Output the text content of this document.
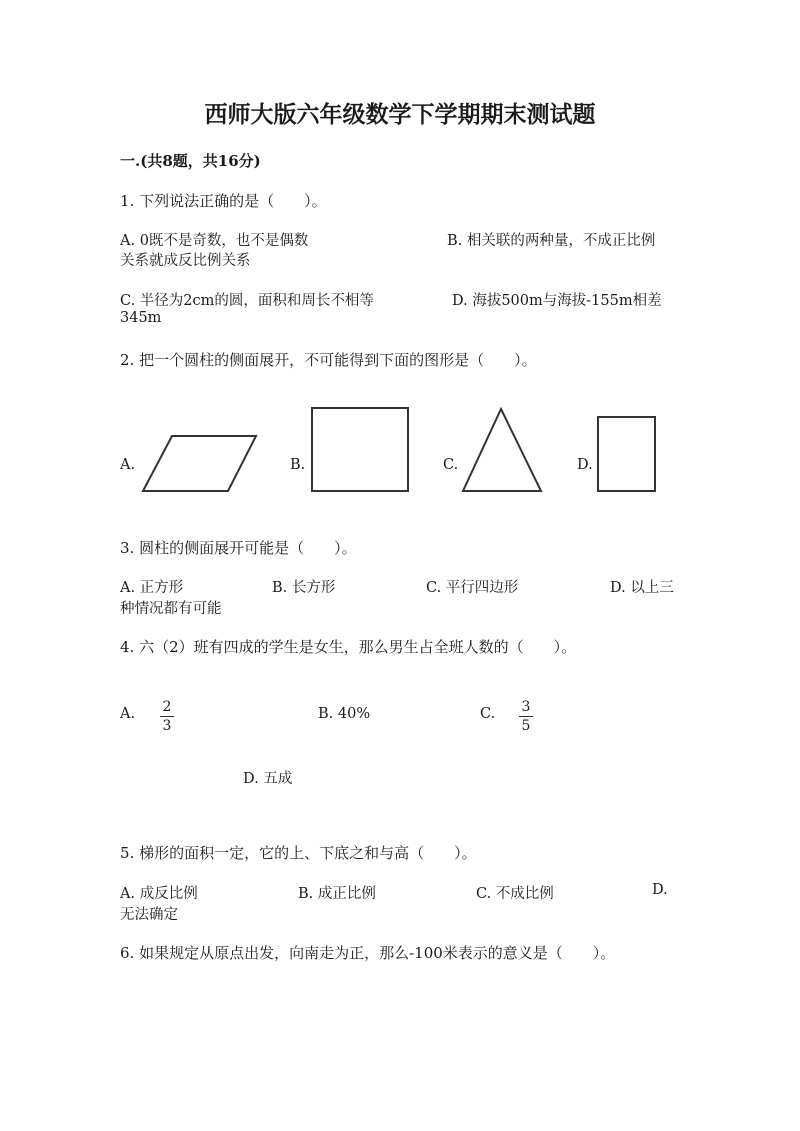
西师大版六年级数学下学期期末测试题
一.(共8题，共16分)
1. 下列说法正确的是（　　）。
A. 0既不是奇数，也不是偶数	B. 相关联的两种量，不成正比例
关系就成反比例关系
C. 半径为2cm的圆，面积和周长不相等	D. 海拔500m与海拔-155m相差
345m
2. 把一个圆柱的侧面展开，不可能得到下面的图形是（　　）。
A.	B.	C.	D.
3. 圆柱的侧面展开可能是（　　）。
A. 正方形	B. 长方形	C. 平行四边形	D. 以上三
种情况都有可能
4. 六（2）班有四成的学生是女生，那么男生占全班人数的（　　）。
A. 2
3
B. 40%	C. 3
5
D. 五成
5. 梯形的面积一定，它的上、下底之和与高（　　）。
A. 成反比例	B. 成正比例	C. 不成比例	D.
无法确定
6. 如果规定从原点出发，向南走为正，那么-100米表示的意义是（　　）。
